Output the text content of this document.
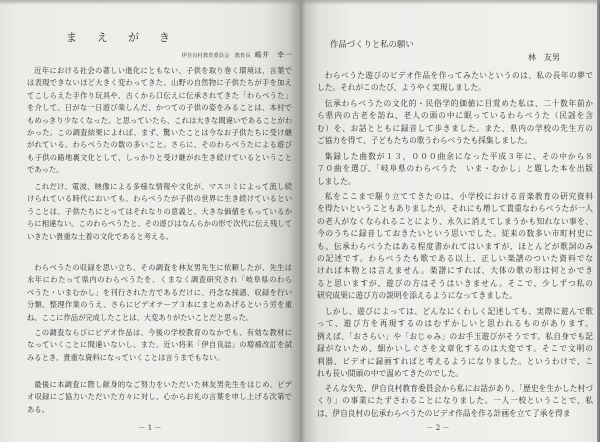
まえがき
伊自良村教育委員会　教育長 嶋井　幸一
近年における社会の著しい進化にともない、子供を取り巻く環境は、言葉で
は表現できないほど大きく変わってきた。山野の自然物に子供たちが手を加え
てこしらえた手作り玩具や、古くから口伝えに伝承されてきた「わらべうた」
を介して、日がな一日遊び楽しんだ、かつての子供の姿をみることは、本村で
もめっきり少なくなった。と思っていたら、これは大きな間違いであることがわ
かった。この調査結果によれば、まず、驚いたことは今なお子供たちに受け継
がれている、わらべうたの数の多いこと。さらに、そのわらべうたによる遊び
も子供の路地裏文化として、しっかりと受け継がれ生き続けているということ
であった。
これだけ、電波、映像による多様な情報や文化が、マスコミによって流し続
けられている時代においても、わらべうたが子供の世界に生き続けているとい
うことは、子供たちにとってはそれなりの意義と、大きな価値をもっているか
らに相違ない。このわらべうたと、その遊びはなんらかの形で次代に伝え残して
いきたい貴重な土着の文化であると考える。
わらべうたの収録を思い立ち、その調査を林友男先生に依頼したが、先生は
永年にわたって県内のわらべうたを、くまなく調査研究され「岐阜県のわら
べうた・いまむかし」を刊行された方であるだけに、丹念な採譜、収録を行い
分類、整理作業のうえ、さらにビデオテープ３本にまとめあげるという労を重
ね、ここに作品が完成したことは、大変ありがたいことだと思った。
この調査ならびにビデオ作品は、今後の学校教育のなかでも、有効な教材に
なっていくことに間違いないし、また、近い将来「伊自良誌」の増補改訂を試
みるとき、貴重な資料になっていくことは言うまでもない。
最後に本調査に際し献身的なご努力をいただいた林友男先生をはじめ、ビデ
オ収録にご協力いただいた方々に対し、心からお礼の言葉を申し上げる次第で
ある。
－ 1 －
作品づくりと私の願い
林　友男
わらべうた遊びのビデオ作品を作ってみたいというのは、私の長年の夢で
した。それがこのたび、ようやく実現しました。
伝承わらべうたの文化的・民俗学的価値に目覚めた私は、二十数年前か
ら県内の古老を訪ね、老人の頭の中に眠っているわらべうた（民謡を含
む）を、お話とともに録音して歩きました。また、県内の学校の先生方の
ご協力を得て、子どもたちの歌うわらべうたも採集しました。
集録した曲数が１３，０００曲余になった平成３年に、その中から８
７０曲を選び、「岐阜県のわらべうた　いま・むかし」と題した本を出版
しました。
私をここまで駆り立ててきたのは、小学校における音楽教育の研究資料
を得たいということもありましたが、それにも増して貴重なわらべうたが一人
の老人がなくなられることにより、永久に消えてしまうかも知れない事を、
今のうちに録音しておきたいという思いでした。従来の数多い市町村史に
も、伝承わらべうたはある程度書かれてはいますが、ほとんどが歌詞のみ
の記述です。わらべうたも歌である以上、正しい楽譜のついた資料でな
ければ本物とは言えません。楽譜にすれば、大体の歌の形は何とかでき
ると思いますが、遊びの方はそうはいきません。そこで、少しずつ私の
研究成果に遊び方の説明を添えるようになってきました。
しかし、遊びによっては、どんなにくわしく記述しても、実際に遊んで歌
って、遊び方を再現するのはむずかしいと思われるものがあります。
例えば、「おさらい」や「おじゃみ」のお手玉遊びがそうです。私自身でも記
録がないため、細かいしぐさを文章化するのは大変です。そこで文明の
利器、ビデオに録画すればと考えるようになりました。というわけで、こ
れも長い間頭の中で温めてきたのでした。
そんな矢先、伊自良村教育委員会から私にお話があり、「歴史を生かした村づ
くり」の事業にたずさわることになりました。一人一校ということで、私
は、伊自良村の伝承わらべうたのビデオ作品を作る計画を立て了承を得ま
－ 2 －
